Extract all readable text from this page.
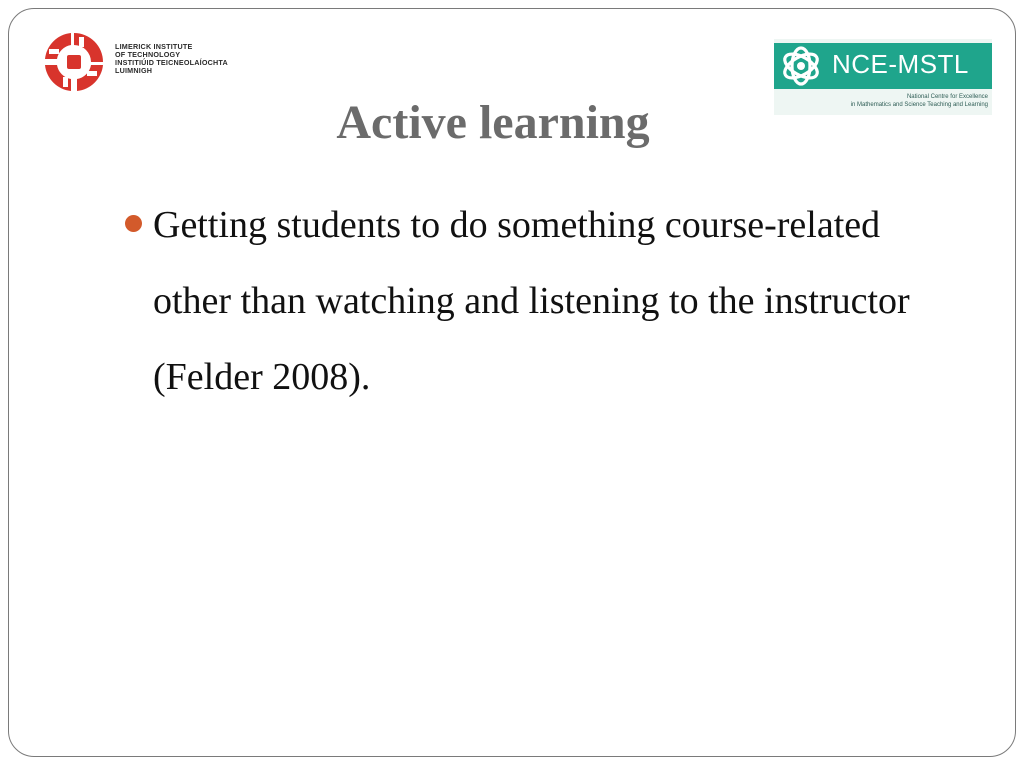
LIMERICK INSTITUTE
OF TECHNOLOGY
INSTITIÚID TEICNEOLAÍOCHTA
LUIMNIGH	NCE-MSTL
National Centre for Excellence
in Mathematics and Science Teaching and Learning
Active learning
Getting students to do something course-related other than watching and listening to the instructor (Felder 2008).
